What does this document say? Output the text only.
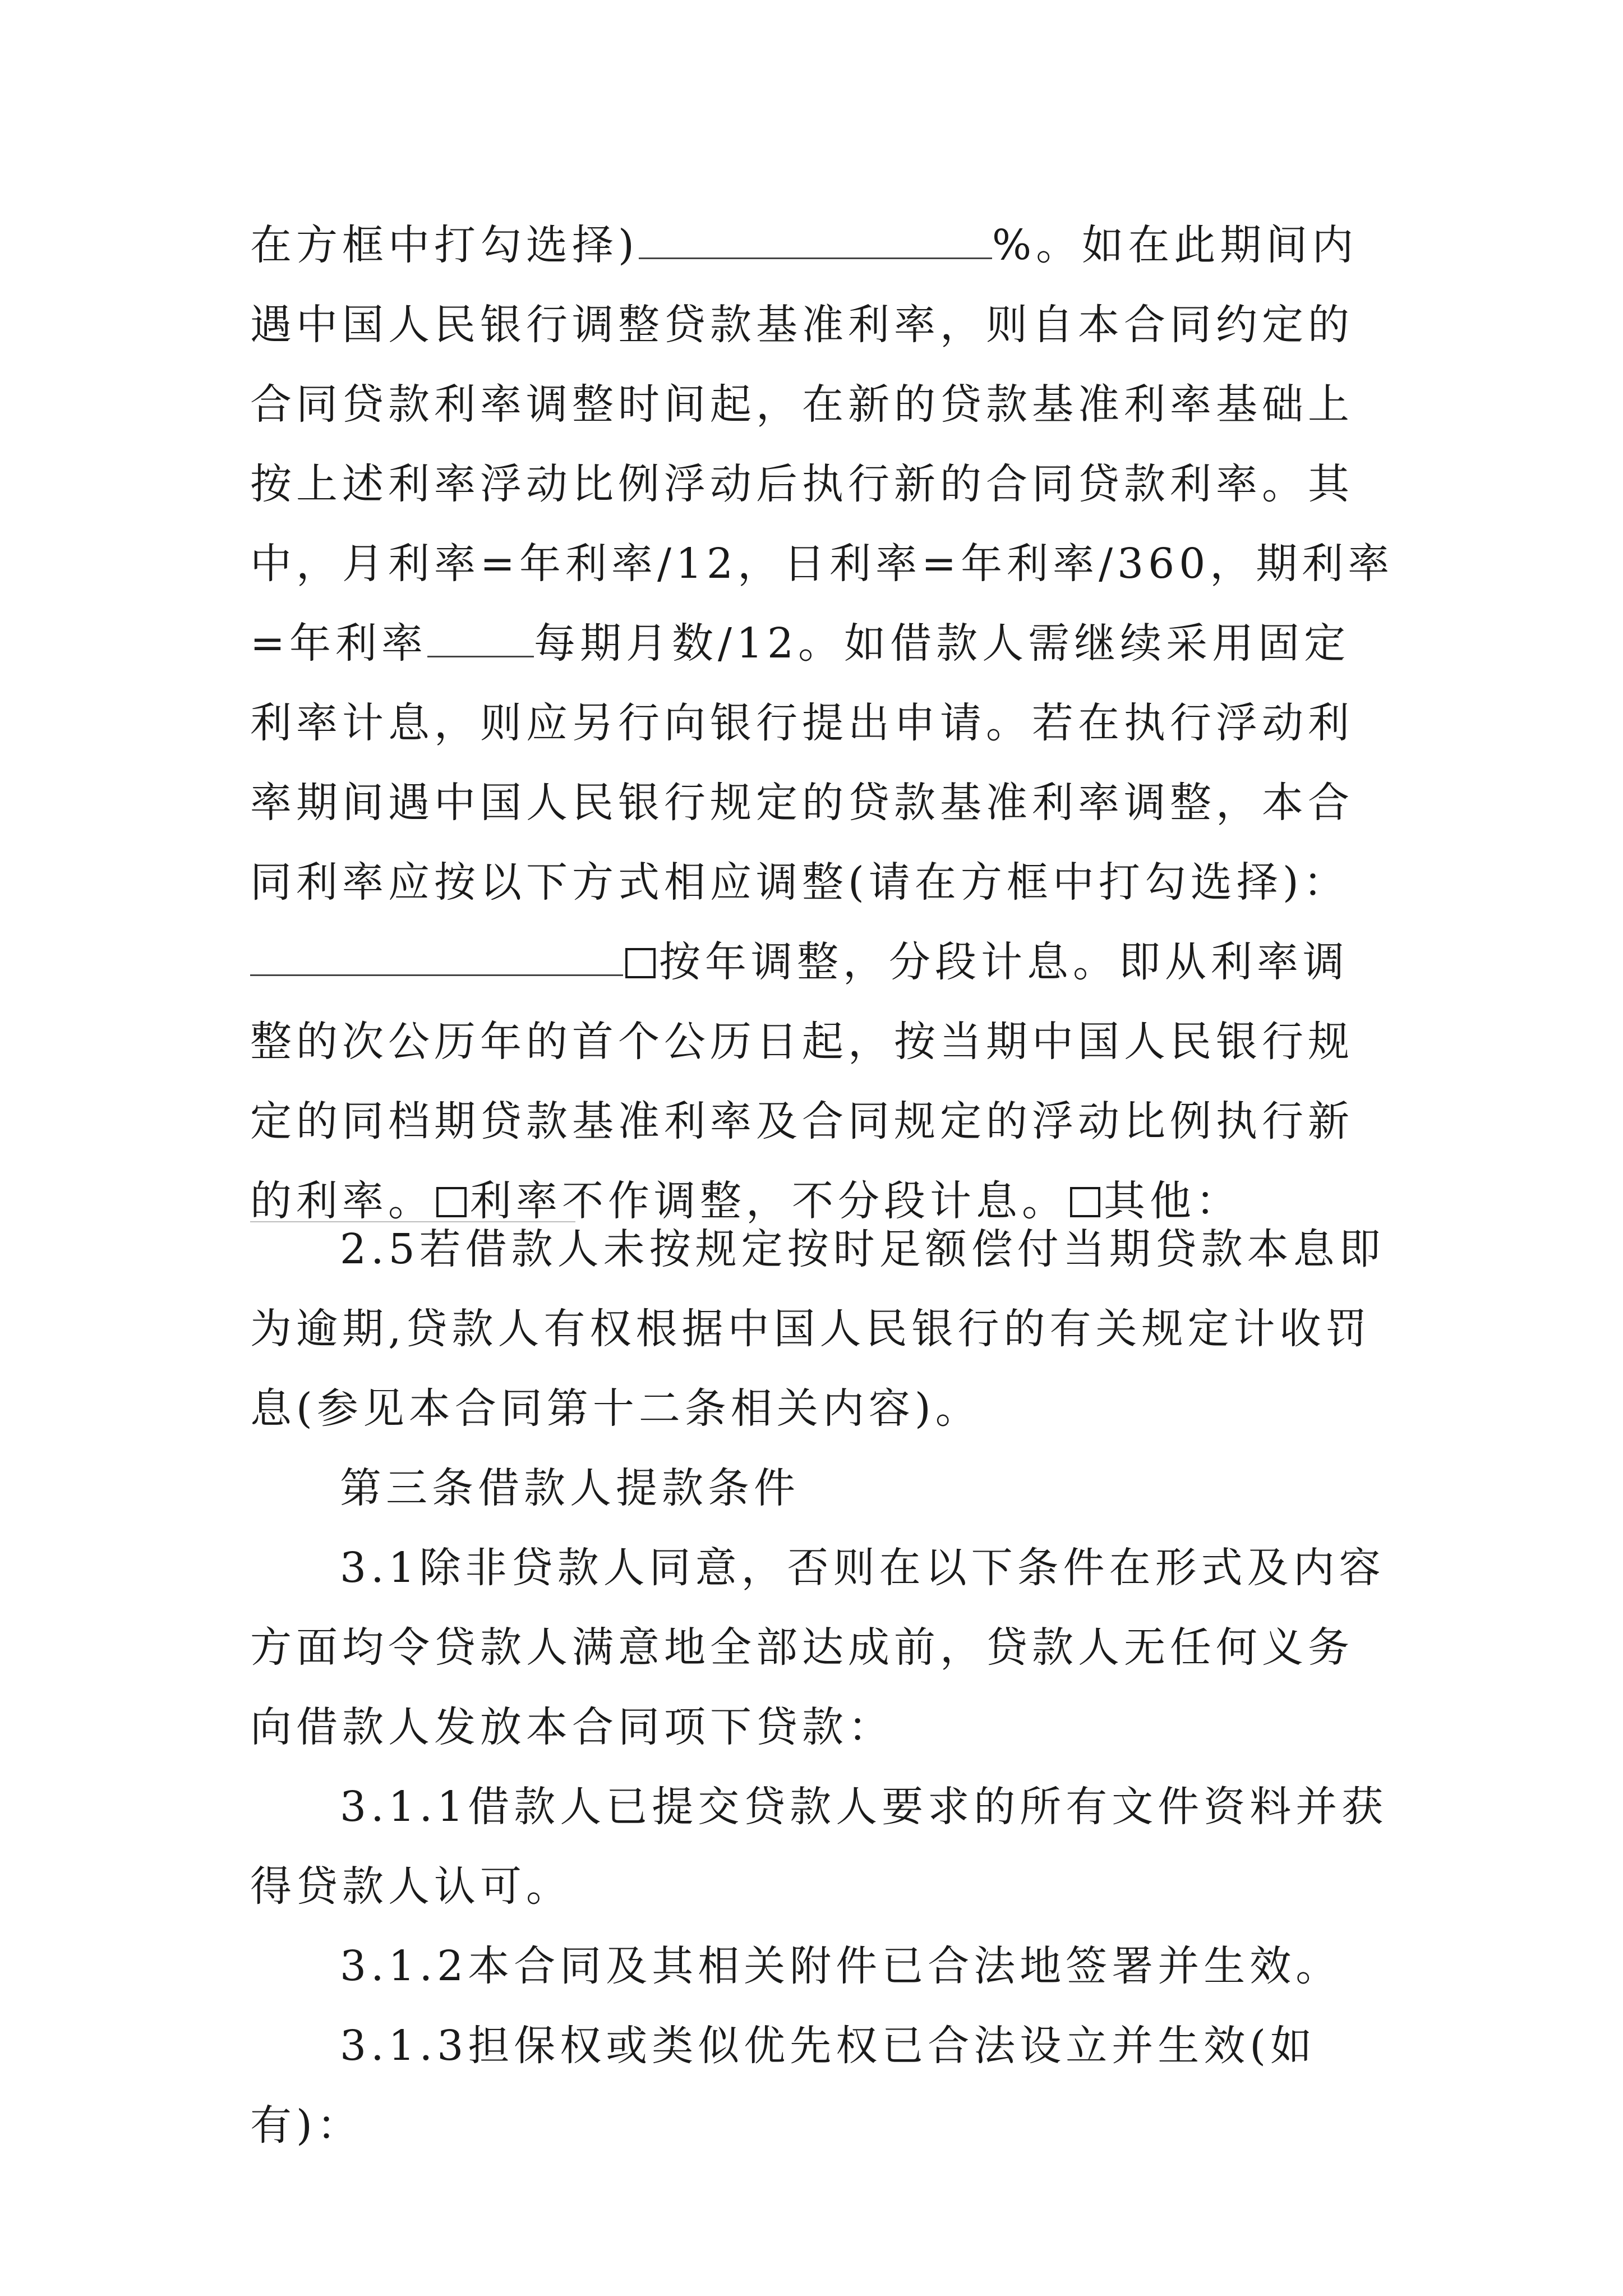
在方框中打勾选择)	%。如在此期间内遇中国人民银行调整贷款基准利率，则自本合同约定的合同贷款利率调整时间起，在新的贷款基准利率基础上按上述利率浮动比例浮动后执行新的合同贷款利率。其中，月利率=年利率/12，日利率=年利率/360，期利率=年利率	每期月数/12。如借款人需继续采用固定利率计息，则应另行向银行提出申请。若在执行浮动利率期间遇中国人民银行规定的贷款基准利率调整，本合同利率应按以下方式相应调整(请在方框中打勾选择)：按年调整，分段计息。即从利率调整的次公历年的首个公历日起，按当期中国人民银行规定的同档期贷款基准利率及合同规定的浮动比例执行新的利率。 利率不作调整，不分段计息。 其他：

2.5若借款人未按规定按时足额偿付当期贷款本息即为逾期,贷款人有权根据中国人民银行的有关规定计收罚息(参见本合同第十二条相关内容)。

第三条借款人提款条件

3.1除非贷款人同意，否则在以下条件在形式及内容方面均令贷款人满意地全部达成前，贷款人无任何义务向借款人发放本合同项下贷款：

3.1.1借款人已提交贷款人要求的所有文件资料并获得贷款人认可。

3.1.2本合同及其相关附件已合法地签署并生效。

3.1.3担保权或类似优先权已合法设立并生效(如有)：
